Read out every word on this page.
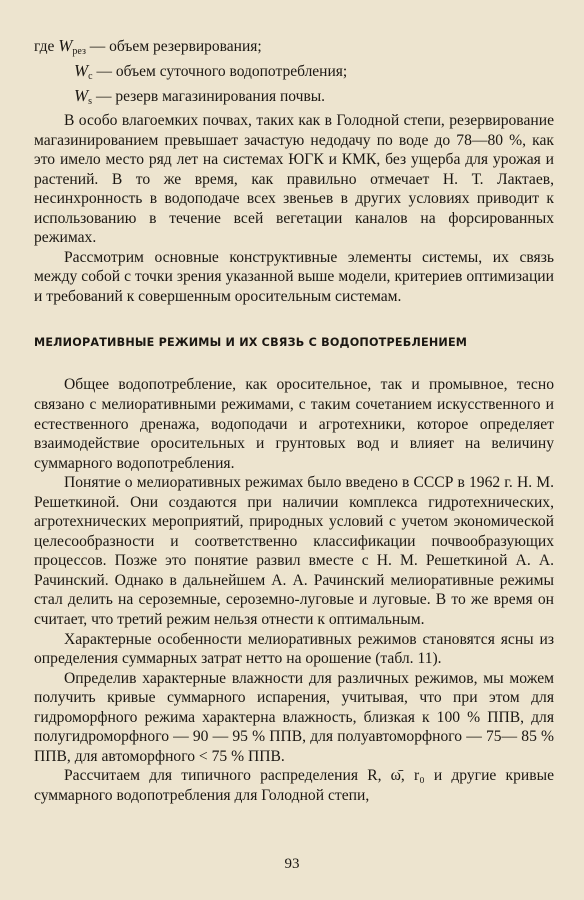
где $W_{рез}$ — объем резервирования;
$W_с$ — объем суточного водопотребления;
$W_s$ — резерв магазинирования почвы.

В особо влагоемких почвах, таких как в Голодной степи, резервирование магазинированием превышает зачастую недодачу по воде до 78—80 %, как это имело место ряд лет на системах ЮГК и КМК, без ущерба для урожая и растений. В то же время, как правильно отмечает Н. Т. Лактаев, несинхронность в водоподаче всех звеньев в других условиях приводит к использованию в течение всей вегетации каналов на форсированных режимах.

Рассмотрим основные конструктивные элементы системы, их связь между собой с точки зрения указанной выше модели, критериев оптимизации и требований к совершенным оросительным системам.

МЕЛИОРАТИВНЫЕ РЕЖИМЫ И ИХ СВЯЗЬ С ВОДОПОТРЕБЛЕНИЕМ

Общее водопотребление, как оросительное, так и промывное, тесно связано с мелиоративными режимами, с таким сочетанием искусственного и естественного дренажа, водоподачи и агротехники, которое определяет взаимодействие оросительных и грунтовых вод и влияет на величину суммарного водопотребления.

Понятие о мелиоративных режимах было введено в СССР в 1962 г. Н. М. Решеткиной. Они создаются при наличии комплекса гидротехнических, агротехнических мероприятий, природных условий с учетом экономической целесообразности и соответственно классификации почвообразующих процессов. Позже это понятие развил вместе с Н. М. Решеткиной А. А. Рачинский. Однако в дальнейшем А. А. Рачинский мелиоративные режимы стал делить на сероземные, сероземно-луговые и луговые. В то же время он считает, что третий режим нельзя отнести к оптимальным.

Характерные особенности мелиоративных режимов становятся ясны из определения суммарных затрат нетто на орошение (табл. 11).

Определив характерные влажности для различных режимов, мы можем получить кривые суммарного испарения, учитывая, что при этом для гидроморфного режима характерна влажность, близкая к 100 % ППВ, для полугидроморфного — 90 — 95 % ППВ, для полуавтоморфного — 75— 85 % ППВ, для автоморфного < 75 % ППВ.

Рассчитаем для типичного распределения R, ω̄, r₀ и другие кривые суммарного водопотребления для Голодной степи,

93
